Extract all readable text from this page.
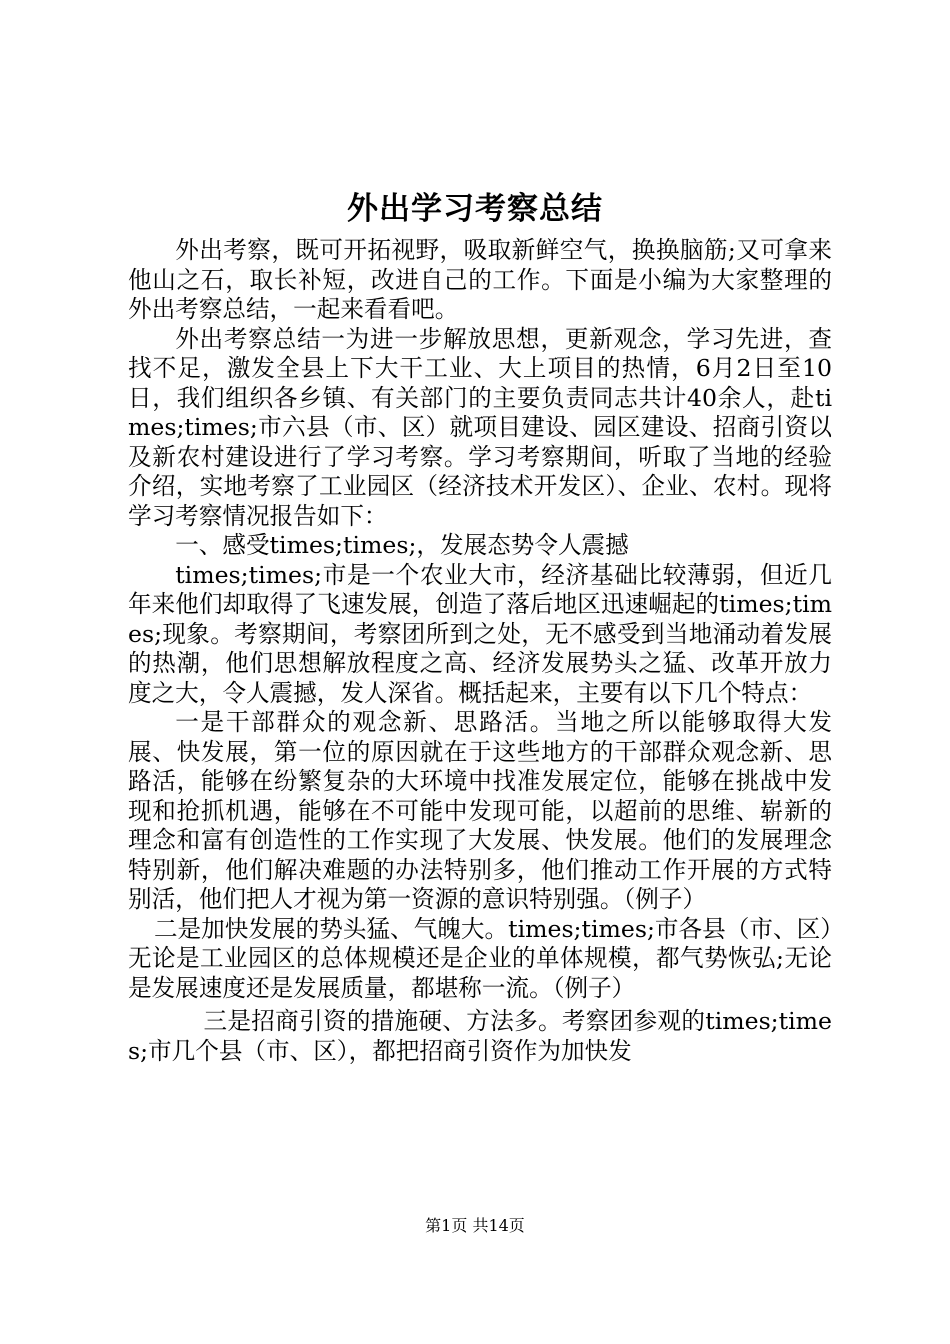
外出学习考察总结

外出考察，既可开拓视野，吸取新鲜空气，换换脑筋;又可拿来他山之石，取长补短，改进自己的工作。下面是小编为大家整理的外出考察总结，一起来看看吧。

外出考察总结一为进一步解放思想，更新观念，学习先进，查找不足，激发全县上下大干工业、大上项目的热情，6月2日至10日，我们组织各乡镇、有关部门的主要负责同志共计40余人，赴times;times;市六县（市、区）就项目建设、园区建设、招商引资以及新农村建设进行了学习考察。学习考察期间，听取了当地的经验介绍，实地考察了工业园区（经济技术开发区）、企业、农村。现将学习考察情况报告如下：

一、感受times;times;，发展态势令人震撼

times;times;市是一个农业大市，经济基础比较薄弱，但近几年来他们却取得了飞速发展，创造了落后地区迅速崛起的times;times;现象。考察期间，考察团所到之处，无不感受到当地涌动着发展的热潮，他们思想解放程度之高、经济发展势头之猛、改革开放力度之大，令人震撼，发人深省。概括起来，主要有以下几个特点：

一是干部群众的观念新、思路活。当地之所以能够取得大发展、快发展，第一位的原因就在于这些地方的干部群众观念新、思路活，能够在纷繁复杂的大环境中找准发展定位，能够在挑战中发现和抢抓机遇，能够在不可能中发现可能，以超前的思维、崭新的理念和富有创造性的工作实现了大发展、快发展。他们的发展理念特别新，他们解决难题的办法特别多，他们推动工作开展的方式特别活，他们把人才视为第一资源的意识特别强。（例子）

二是加快发展的势头猛、气魄大。times;times;市各县（市、区）无论是工业园区的总体规模还是企业的单体规模，都气势恢弘;无论是发展速度还是发展质量，都堪称一流。（例子）

三是招商引资的措施硬、方法多。考察团参观的times;times;市几个县（市、区），都把招商引资作为加快发

第1页 共14页
